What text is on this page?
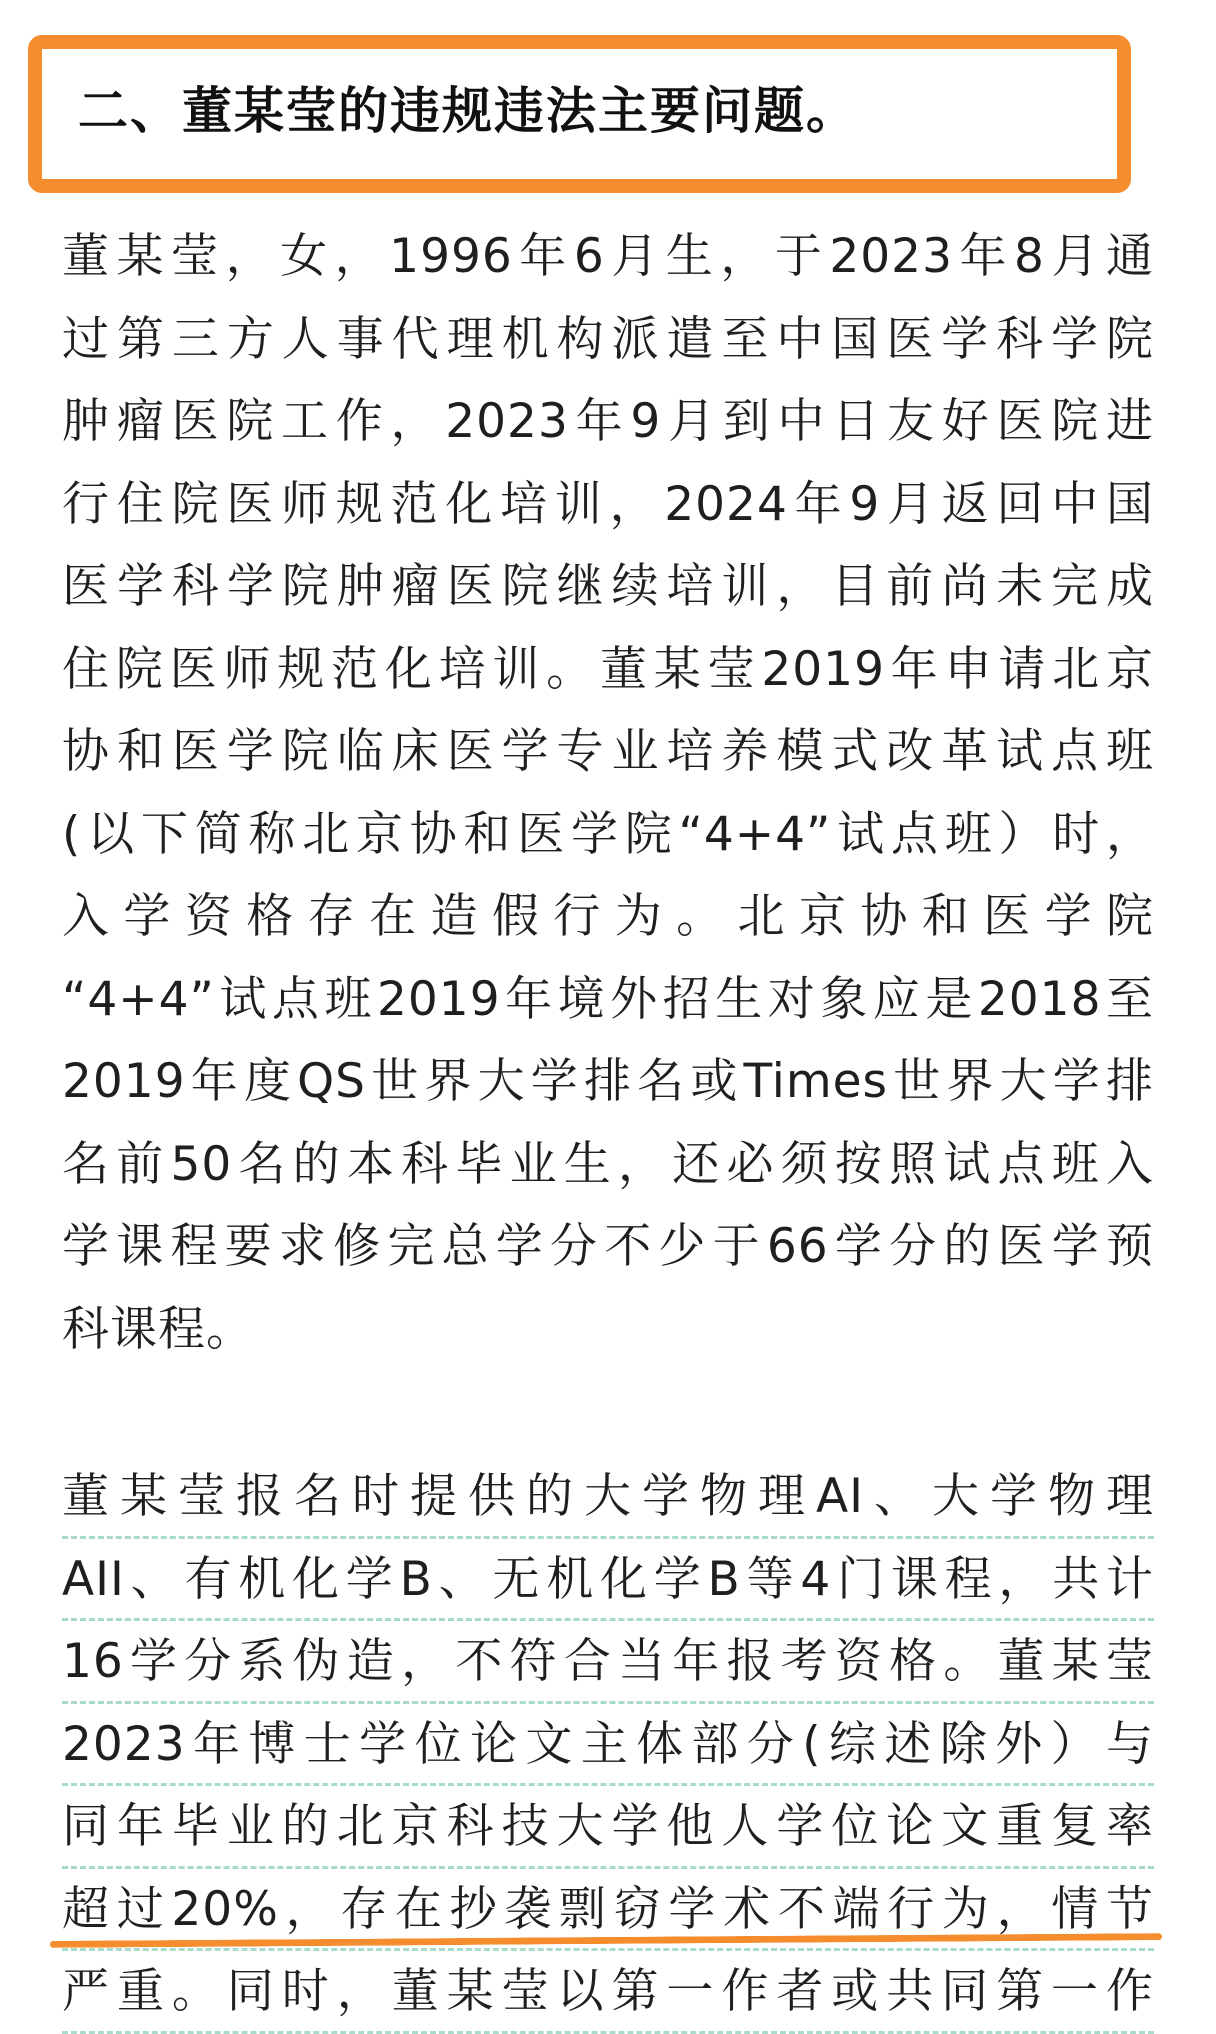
二、董某莹的违规违法主要问题。
董某莹，女，1996年6月生，于2023年8月通
过第三方人事代理机构派遣至中国医学科学院
肿瘤医院工作，2023年9月到中日友好医院进
行住院医师规范化培训，2024年9月返回中国
医学科学院肿瘤医院继续培训，目前尚未完成
住院医师规范化培训。董某莹2019年申请北京
协和医学院临床医学专业培养模式改革试点班
(以下简称北京协和医学院“4+4”试点班）时，
入学资格存在造假行为。北京协和医学院
“4+4”试点班2019年境外招生对象应是2018至
2019年度QS世界大学排名或Times世界大学排
名前50名的本科毕业生，还必须按照试点班入
学课程要求修完总学分不少于66学分的医学预
科课程。
董某莹报名时提供的大学物理AI、大学物理
AII、有机化学B、无机化学B等4门课程，共计
16学分系伪造，不符合当年报考资格。董某莹
2023年博士学位论文主体部分(综述除外）与
同年毕业的北京科技大学他人学位论文重复率
超过20%，存在抄袭剽窃学术不端行为，情节
严重。同时，董某莹以第一作者或共同第一作
